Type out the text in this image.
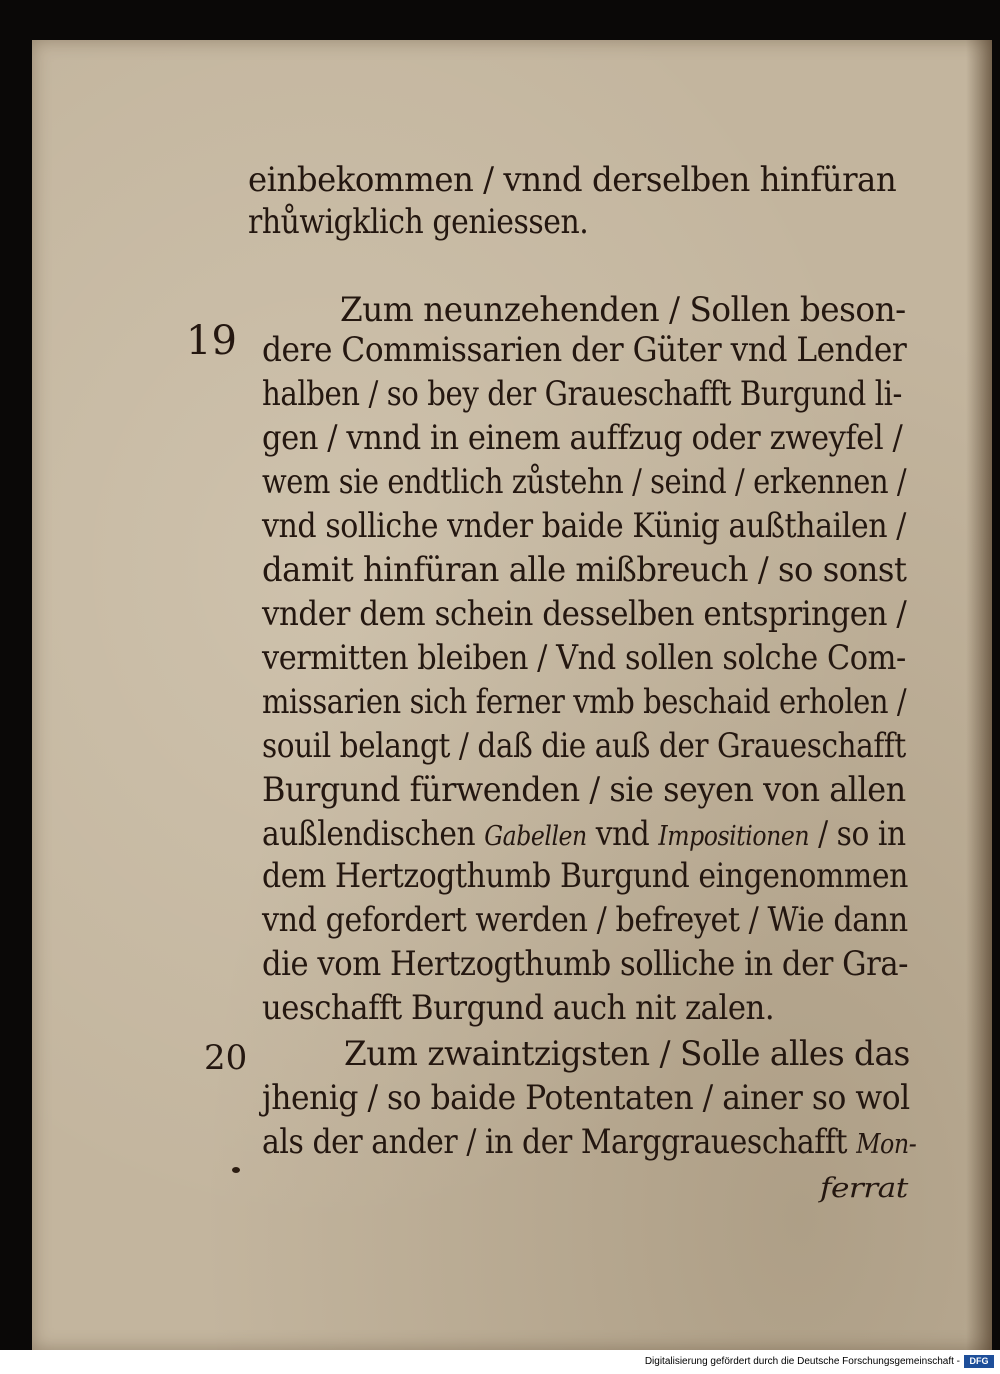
einbekommen / vnnd derselben hinfüran
rhůwigklich geniessen.
Zum neunzehenden / Sollen beson-
dere Commissarien der Güter vnd Lender
halben / so bey der Graueschafft Burgund li-
gen / vnnd in einem auffzug oder zweyfel /
wem sie endtlich zůstehn / seind / erkennen /
vnd solliche vnder baide Künig außthailen /
damit hinfüran alle mißbreuch / so sonst
vnder dem schein desselben entspringen /
vermitten bleiben / Vnd sollen solche Com-
missarien sich ferner vmb beschaid erholen /
souil belangt / daß die auß der Graueschafft
Burgund fürwenden / sie seyen von allen
außlendischen Gabellen vnd Impositionen / so in
dem Hertzogthumb Burgund eingenommen
vnd gefordert werden / befreyet / Wie dann
die vom Hertzogthumb solliche in der Gra-
ueschafft Burgund auch nit zalen.
Zum zwaintzigsten / Solle alles das
jhenig / so baide Potentaten / ainer so wol
als der ander / in der Marggraueschafft Mon-
ferrat
19
20
Digitalisierung gefördert durch die Deutsche Forschungsgemeinschaft -	DFG
